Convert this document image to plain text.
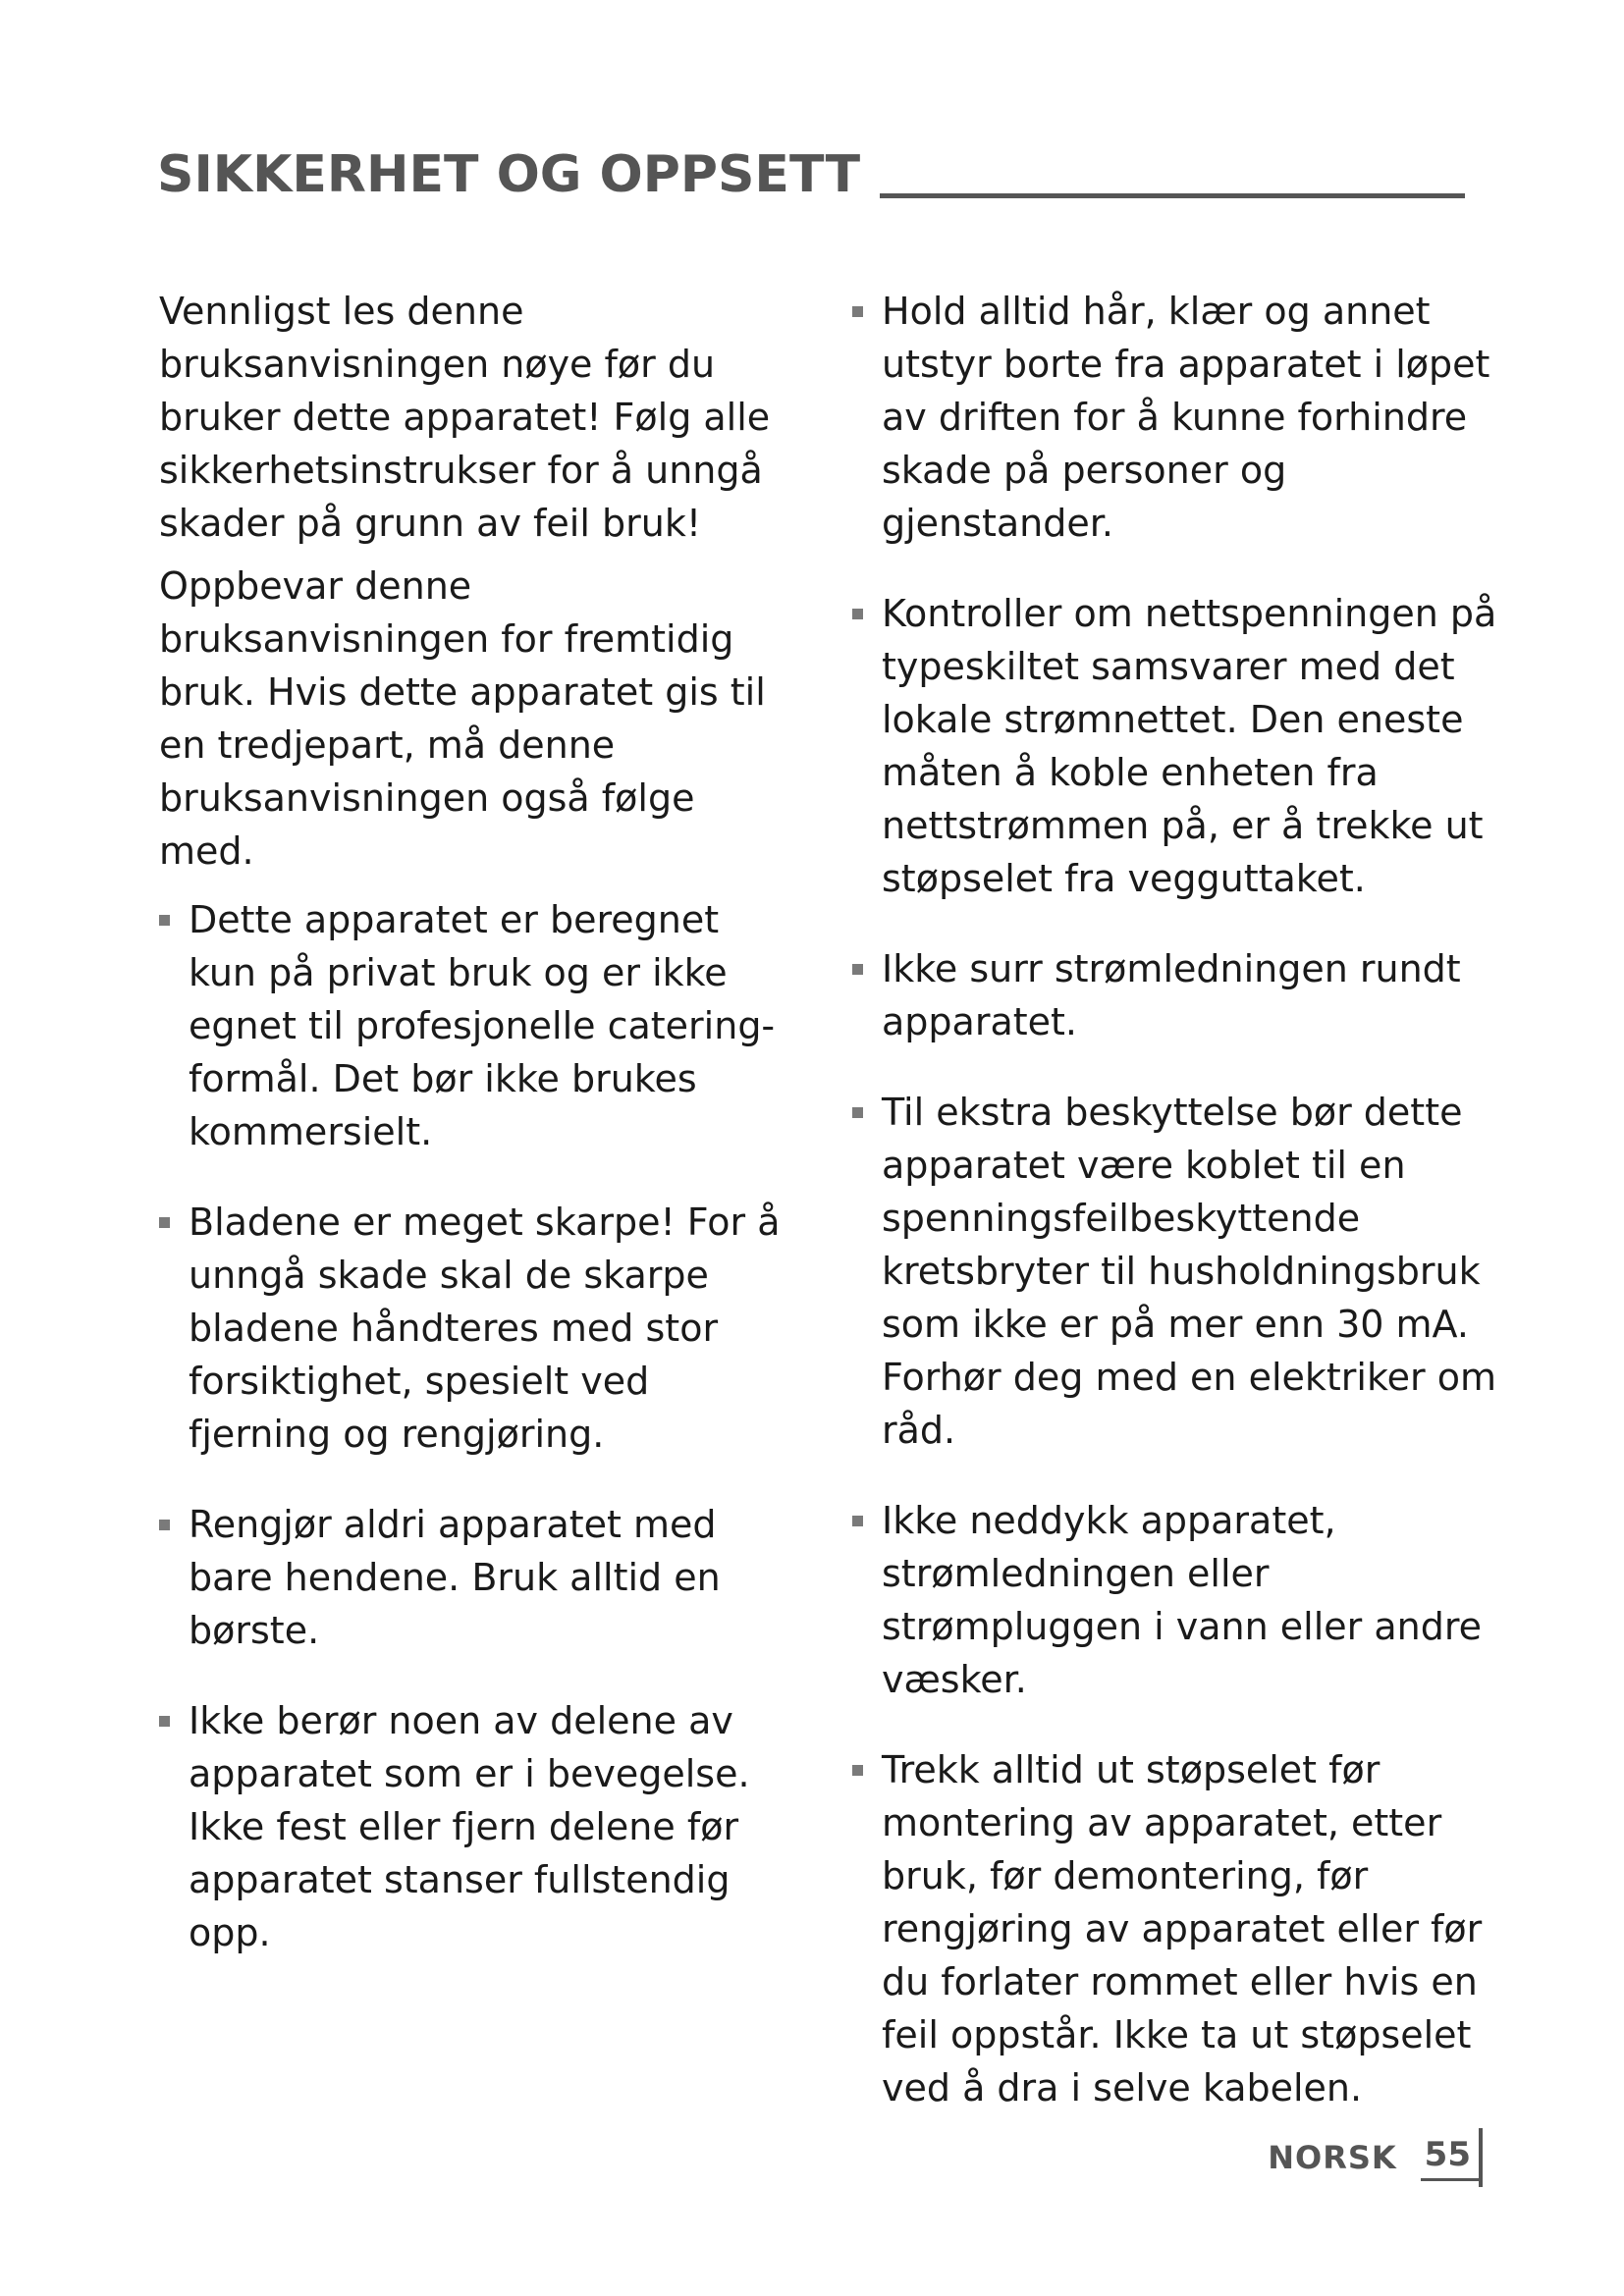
SIKKERHET OG OPPSETT

Vennligst les denne bruksanvisningen nøye før du bruker dette apparatet! Følg alle sikkerhetsinstrukser for å unngå skader på grunn av feil bruk!

Oppbevar denne bruksanvisningen for fremtidig bruk. Hvis dette apparatet gis til en tredjepart, må denne bruksanvisningen også følge med.

Dette apparatet er beregnet kun på privat bruk og er ikke egnet til profesjonelle catering-formål. Det bør ikke brukes kommersielt.
Bladene er meget skarpe! For å unngå skade skal de skarpe bladene håndteres med stor forsiktighet, spesielt ved fjerning og rengjøring.
Rengjør aldri apparatet med bare hendene. Bruk alltid en børste.
Ikke berør noen av delene av apparatet som er i bevegelse. Ikke fest eller fjern delene før apparatet stanser fullstendig opp.
Hold alltid hår, klær og annet utstyr borte fra apparatet i løpet av driften for å kunne forhindre skade på personer og gjenstander.
Kontroller om nettspenningen på typeskiltet samsvarer med det lokale strømnettet. Den eneste måten å koble enheten fra nettstrømmen på, er å trekke ut støpselet fra vegguttaket.
Ikke surr strømledningen rundt apparatet.
Til ekstra beskyttelse bør dette apparatet være koblet til en spenningsfeilbeskyttende kretsbryter til husholdningsbruk som ikke er på mer enn 30 mA. Forhør deg med en elektriker om råd.
Ikke neddykk apparatet, strømledningen eller strømpluggen i vann eller andre væsker.
Trekk alltid ut støpselet før montering av apparatet, etter bruk, før demontering, før rengjøring av apparatet eller før du forlater rommet eller hvis en feil oppstår. Ikke ta ut støpselet ved å dra i selve kabelen.
NORSK 55
